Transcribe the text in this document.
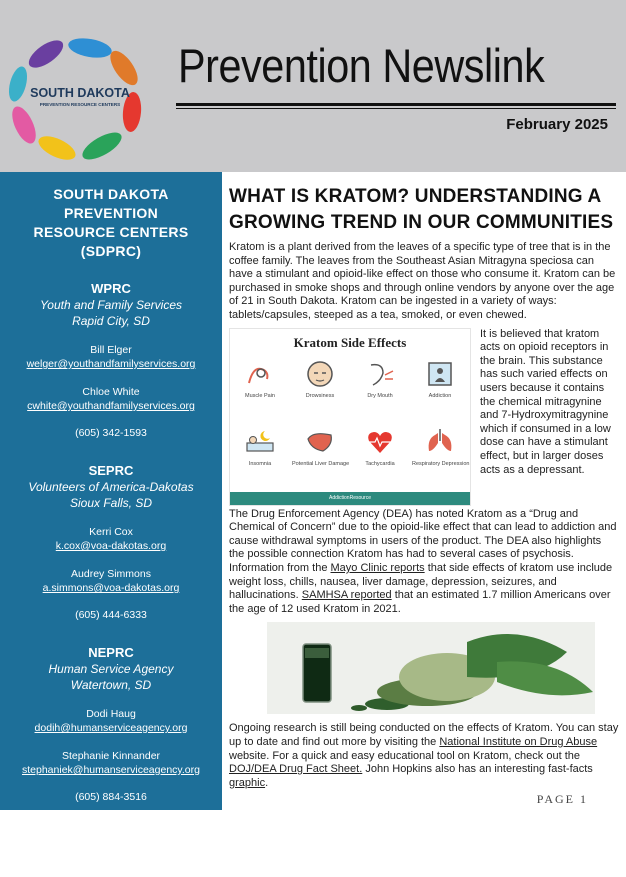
SOUTH DAKOTA
PREVENTION RESOURCE CENTERS
Prevention Newslink
February 2025
SOUTH DAKOTA PREVENTION RESOURCE CENTERS (SDPRC)
WPRC
Youth and Family Services
Rapid City, SD
Bill Elger
welger@youthandfamilyservices.org
Chloe White
cwhite@youthandfamilyservices.org
(605) 342-1593
SEPRC
Volunteers of America-Dakotas
Sioux Falls, SD
Kerri Cox
k.cox@voa-dakotas.org
Audrey Simmons
a.simmons@voa-dakotas.org
(605) 444-6333
NEPRC
Human Service Agency
Watertown, SD
Dodi Haug
dodih@humanserviceagency.org
Stephanie Kinnander
stephaniek@humanserviceagency.org
(605) 884-3516
Click HERE to determine your region's Prevention Resource Center
WHAT IS KRATOM? UNDERSTANDING A GROWING TREND IN OUR COMMUNITIES
Kratom is a plant derived from the leaves of a specific type of tree that is in the coffee family. The leaves from the Southeast Asian Mitragyna speciosa can have a stimulant and opioid-like effect on those who consume it. Kratom can be purchased in smoke shops and through online vendors by anyone over the age of 21 in South Dakota. Kratom can be ingested in a variety of ways: tablets/capsules, steeped as a tea, smoked, or even chewed.
Kratom Side Effects
Muscle Pain	Drowsiness	Dry Mouth	Addiction
Insomnia	Potential Liver Damage	Tachycardia	Respiratory Depression
AddictionResource
It is believed that kratom acts on opioid receptors in the brain. This substance has such varied effects on users because it contains the chemical mitragynine and 7-Hydroxymitragynine which if consumed in a low dose can have a stimulant effect, but in larger doses acts as a depressant.
The Drug Enforcement Agency (DEA) has noted Kratom as a “Drug and Chemical of Concern” due to the opioid-like effect that can lead to addiction and cause withdrawal symptoms in users of the product. The DEA also highlights the possible connection Kratom has had to several cases of psychosis. Information from the Mayo Clinic reports that side effects of kratom use include weight loss, chills, nausea, liver damage, depression, seizures, and hallucinations. SAMHSA reported that an estimated 1.7 million Americans over the age of 12 used Kratom in 2021.
Ongoing research is still being conducted on the effects of Kratom. You can stay up to date and find out more by visiting the National Institute on Drug Abuse website. For a quick and easy educational tool on Kratom, check out the DOJ/DEA Drug Fact Sheet. John Hopkins also has an interesting fast-facts graphic.
PAGE 1
